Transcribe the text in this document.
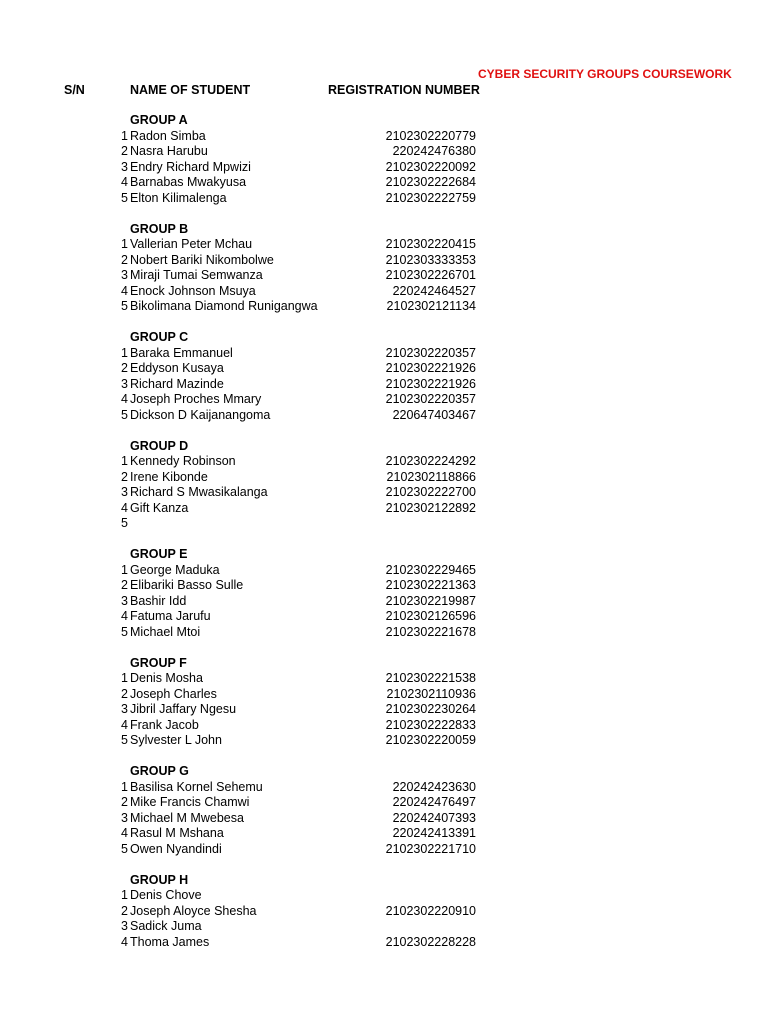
CYBER SECURITY GROUPS COURSEWORK
S/N	NAME OF STUDENT	REGISTRATION NUMBER
GROUP A
1 Radon Simba	2102302220779
2 Nasra Harubu	220242476380
3 Endry Richard Mpwizi	2102302220092
4 Barnabas Mwakyusa	2102302222684
5 Elton Kilimalenga	2102302222759
GROUP B
1 Vallerian Peter Mchau	2102302220415
2 Nobert Bariki Nikombolwe	2102303333353
3 Miraji Tumai Semwanza	2102302226701
4 Enock Johnson Msuya	220242464527
5 Bikolimana Diamond Runigangwa	2102302121134
GROUP C
1 Baraka Emmanuel	2102302220357
2 Eddyson Kusaya	2102302221926
3 Richard Mazinde	2102302221926
4 Joseph Proches Mmary	2102302220357
5 Dickson D Kaijanangoma	220647403467
GROUP D
1 Kennedy Robinson	2102302224292
2 Irene Kibonde	2102302118866
3 Richard S Mwasikalanga	2102302222700
4 Gift Kanza	2102302122892
5
GROUP E
1 George Maduka	2102302229465
2 Elibariki Basso Sulle	2102302221363
3 Bashir Idd	2102302219987
4 Fatuma Jarufu	2102302126596
5 Michael Mtoi	2102302221678
GROUP F
1 Denis Mosha	2102302221538
2 Joseph Charles	2102302110936
3 Jibril Jaffary Ngesu	2102302230264
4 Frank Jacob	2102302222833
5 Sylvester L John	2102302220059
GROUP G
1 Basilisa Kornel Sehemu	220242423630
2 Mike Francis Chamwi	220242476497
3 Michael M Mwebesa	220242407393
4 Rasul M Mshana	220242413391
5 Owen Nyandindi	2102302221710
GROUP H
1 Denis Chove
2 Joseph Aloyce Shesha	2102302220910
3 Sadick Juma
4 Thoma James	2102302228228
